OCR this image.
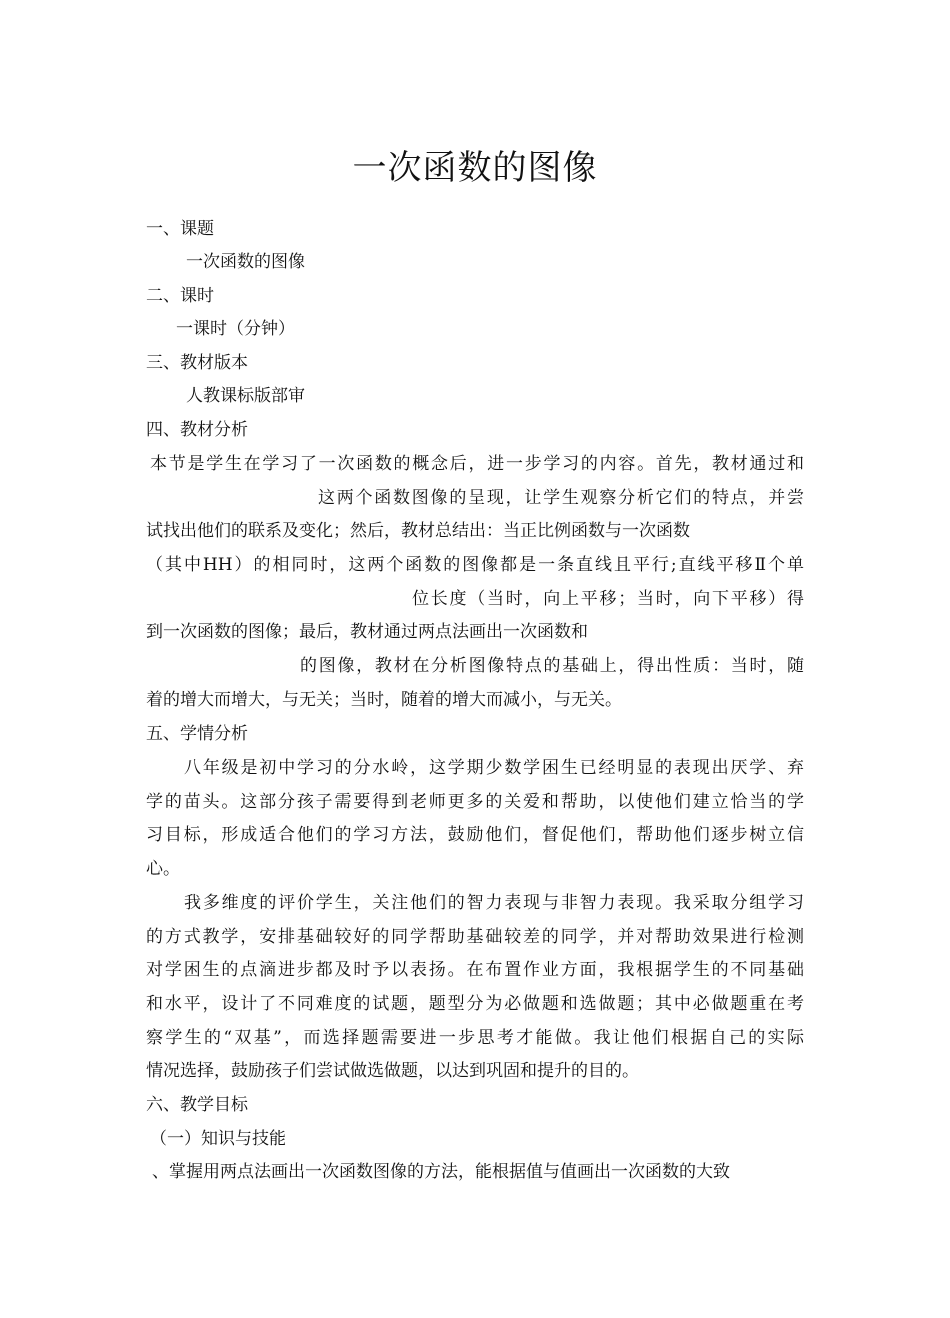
一次函数的图像
一、课题
一次函数的图像
二、课时
一课时（分钟）
三、教材版本
人教课标版部审
四、教材分析
本节是学生在学习了一次函数的概念后，进一步学习的内容。首先，教材通过和
这两个函数图像的呈现，让学生观察分析它们的特点，并尝
试找出他们的联系及变化；然后，教材总结出：当正比例函数与一次函数
（其中HH）的相同时，这两个函数的图像都是一条直线且平行;直线平移Ⅱ个单
位长度（当时，向上平移；当时，向下平移）得
到一次函数的图像；最后，教材通过两点法画出一次函数和
的图像，教材在分析图像特点的基础上，得出性质：当时，随
着的增大而增大，与无关；当时，随着的增大而减小，与无关。
五、学情分析
八年级是初中学习的分水岭，这学期少数学困生已经明显的表现出厌学、弃
学的苗头。这部分孩子需要得到老师更多的关爱和帮助，以使他们建立恰当的学
习目标，形成适合他们的学习方法，鼓励他们，督促他们，帮助他们逐步树立信
心。
我多维度的评价学生，关注他们的智力表现与非智力表现。我采取分组学习
的方式教学，安排基础较好的同学帮助基础较差的同学，并对帮助效果进行检测
对学困生的点滴进步都及时予以表扬。在布置作业方面，我根据学生的不同基础
和水平，设计了不同难度的试题，题型分为必做题和选做题；其中必做题重在考
察学生的“双基”，而选择题需要进一步思考才能做。我让他们根据自己的实际
情况选择，鼓励孩子们尝试做选做题，以达到巩固和提升的目的。
六、教学目标
（一）知识与技能
、掌握用两点法画出一次函数图像的方法，能根据值与值画出一次函数的大致
